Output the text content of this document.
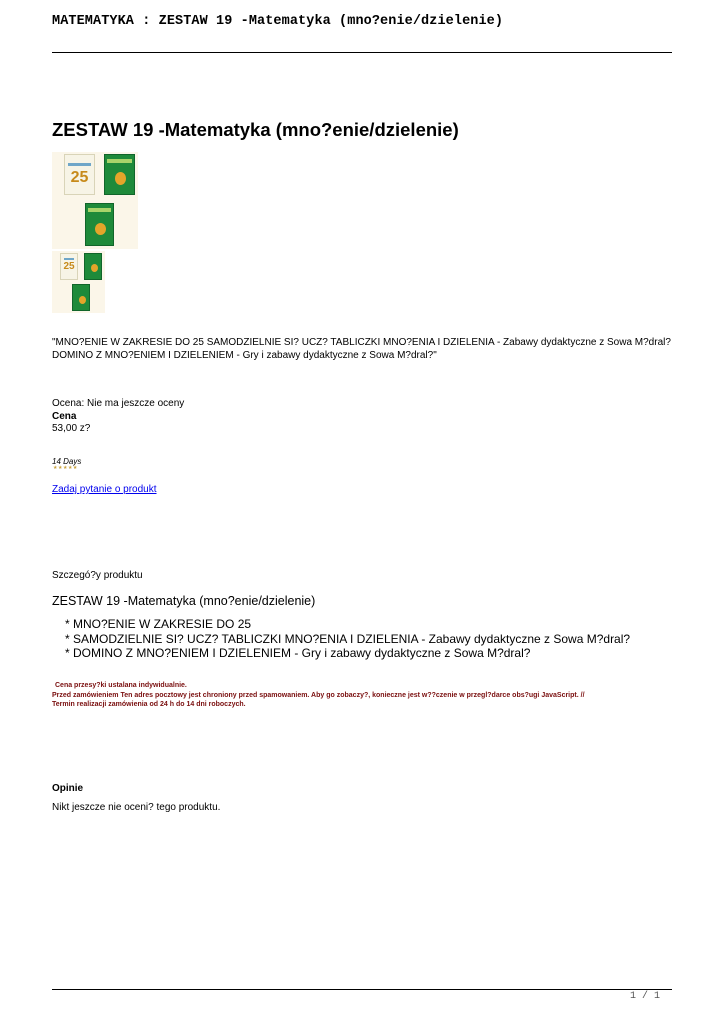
MATEMATYKA : ZESTAW 19 -Matematyka (mno?enie/dzielenie)
ZESTAW 19 -Matematyka (mno?enie/dzielenie)
25
25
"MNO?ENIE W ZAKRESIE DO 25 SAMODZIELNIE SI? UCZ? TABLICZKI MNO?ENIA I DZIELENIA - Zabawy dydaktyczne z Sowa M?dral?
DOMINO Z MNO?ENIEM I DZIELENIEM - Gry i zabawy dydaktyczne z Sowa M?dral?"
Ocena: Nie ma jeszcze oceny
Cena
53,00 z?
14 Days
★★★★★
Zadaj pytanie o produkt
Szczegó?y produktu
ZESTAW 19 -Matematyka (mno?enie/dzielenie)
* MNO?ENIE W ZAKRESIE DO 25
* SAMODZIELNIE SI? UCZ? TABLICZKI MNO?ENIA I DZIELENIA - Zabawy dydaktyczne z Sowa M?dral?
* DOMINO Z MNO?ENIEM I DZIELENIEM - Gry i zabawy dydaktyczne z Sowa M?dral?
Cena przesy?ki ustalana indywidualnie.
Przed zamówieniem Ten adres pocztowy jest chroniony przed spamowaniem. Aby go zobaczy?, konieczne jest w??czenie w przegl?darce obs?ugi JavaScript. //
Termin realizacji zamówienia od 24 h do 14 dni roboczych.
Opinie
Nikt jeszcze nie oceni? tego produktu.
1 / 1
